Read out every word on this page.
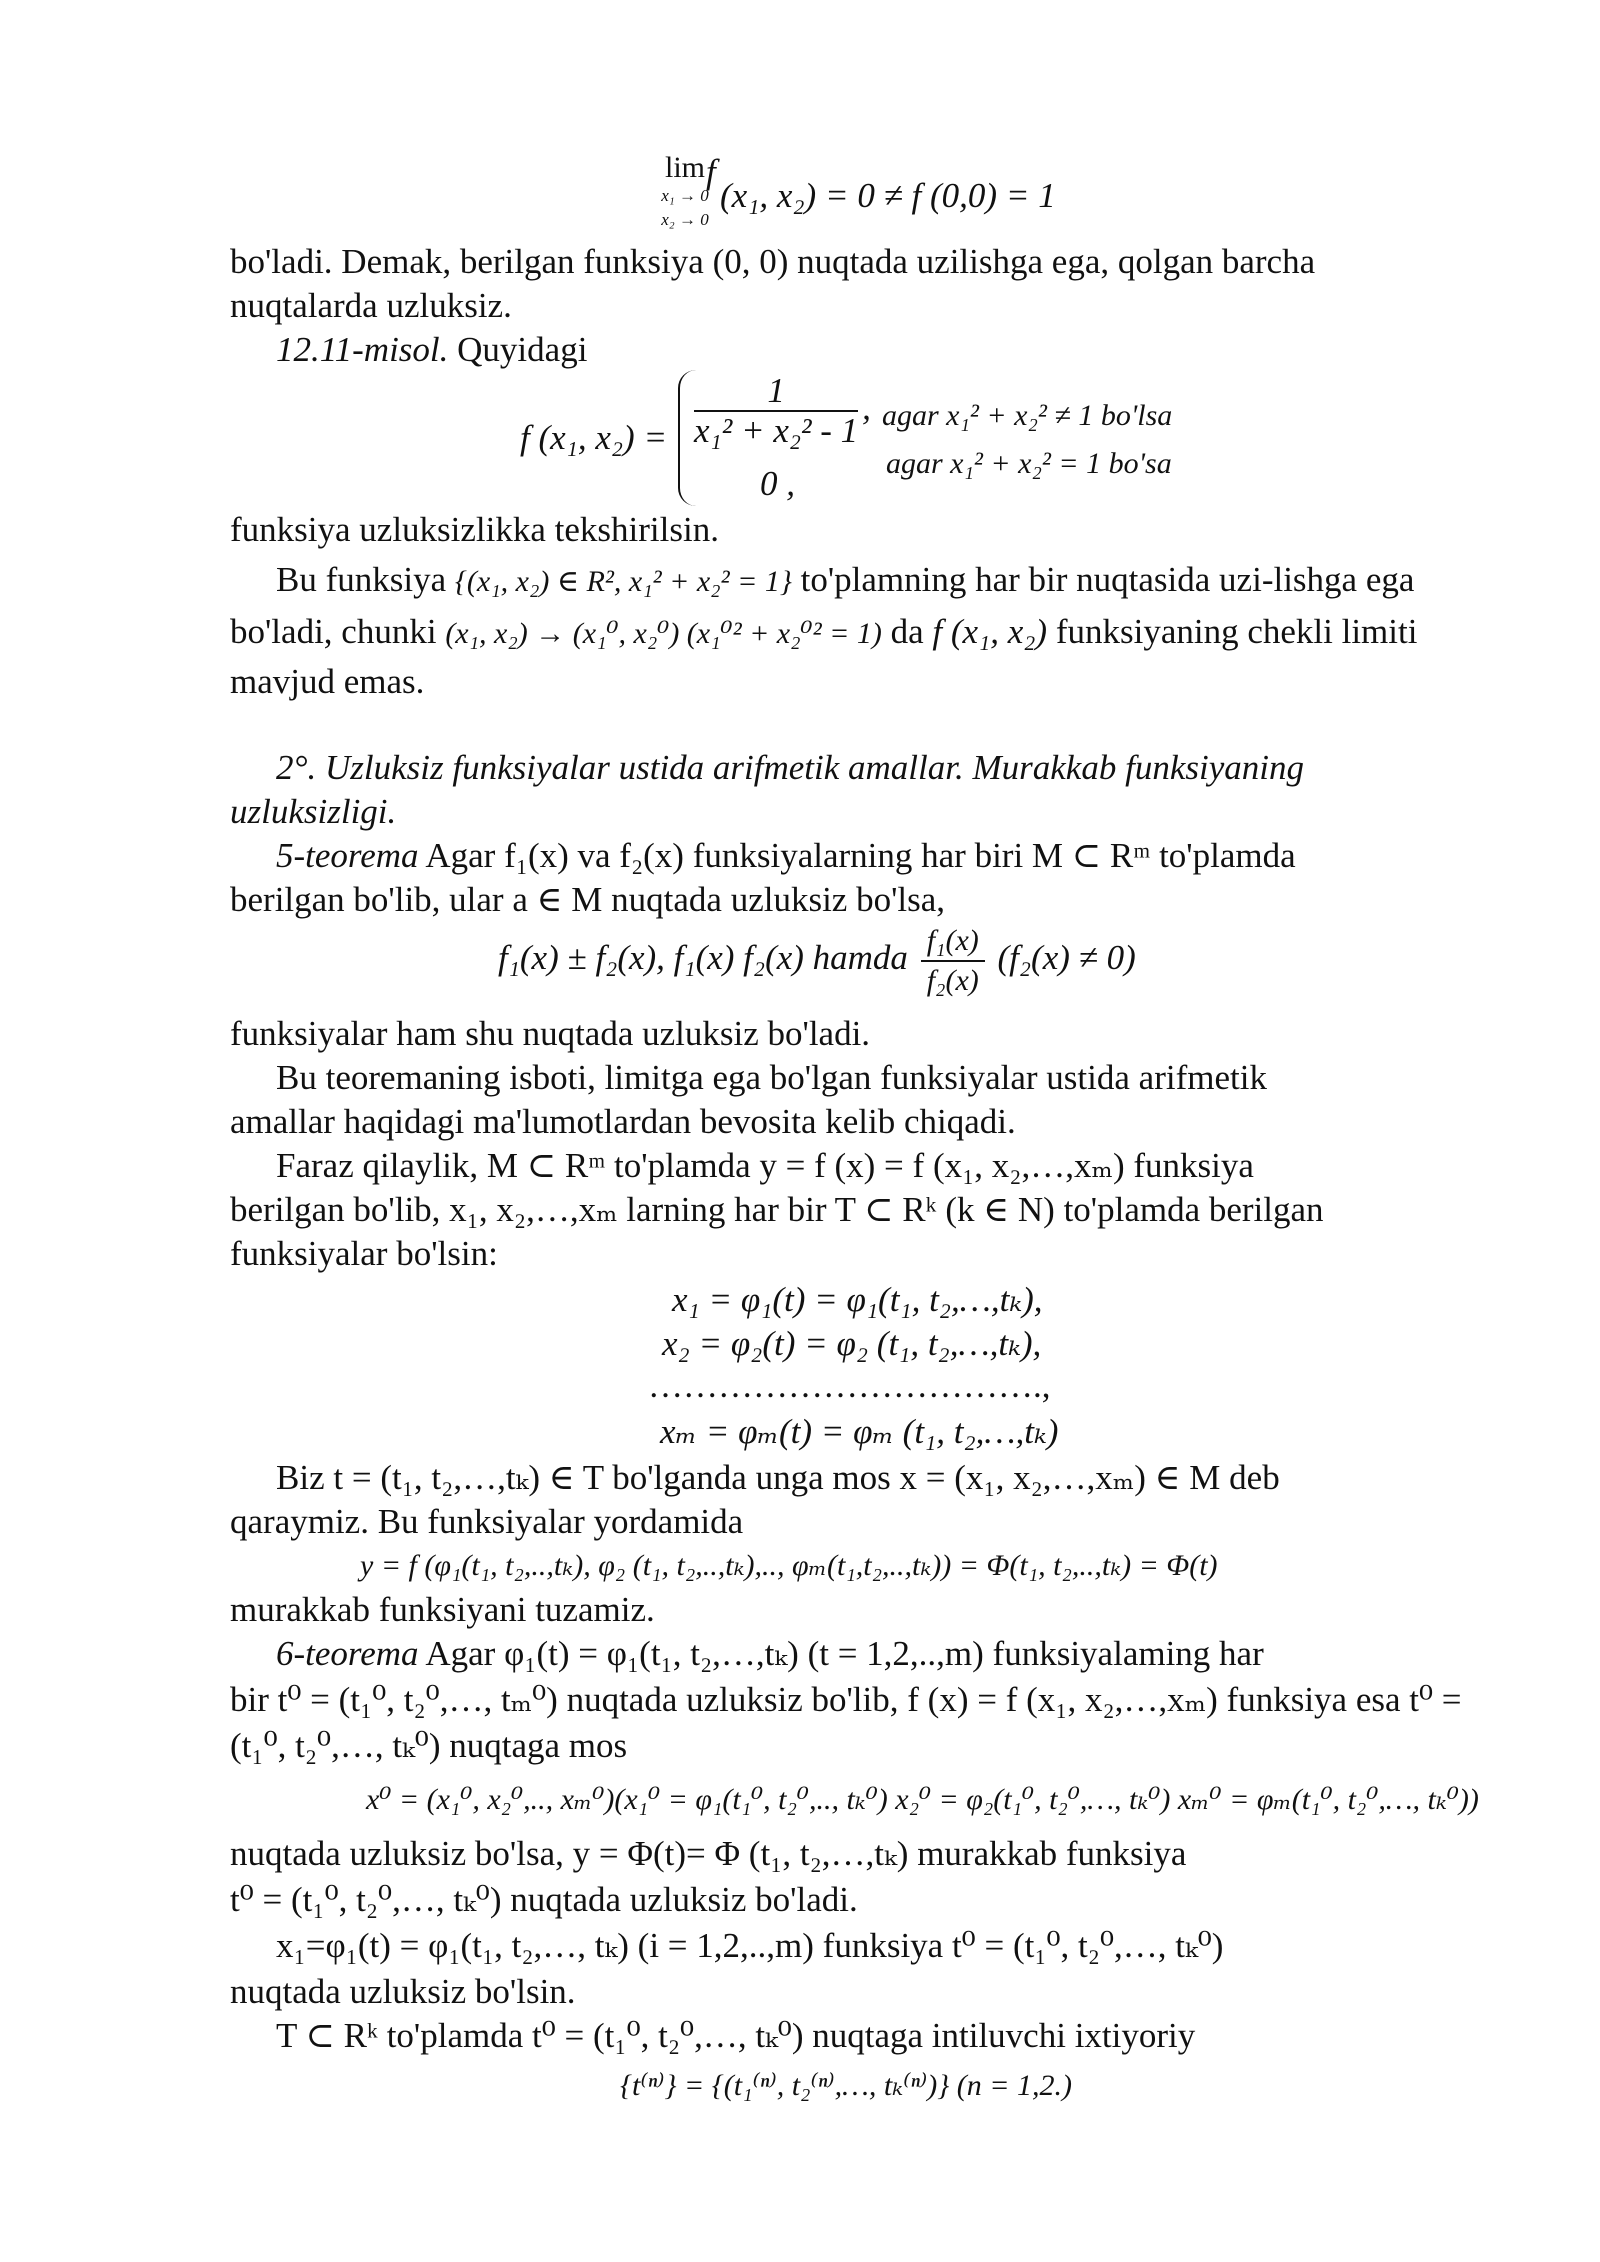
lim
x₁ → 0
x₂ → 0
f
(x₁, x₂) = 0 ≠ f (0,0) = 1
bo'ladi. Demak, berilgan funksiya (0, 0) nuqtada uzilishga ega, qolgan barcha
nuqtalarda uzluksiz.
12.11-misol. Quyidagi
f (x₁, $x_2) = \frac{1}{\text{x₁² + x₂² - 1}}$ ,
0 ,
agar x₁² + x₂² ≠ 1 bo'lsa
agar x₁² + x₂² = 1 bo'sa
funksiya uzluksizlikka tekshirilsin.
Bu funksiya {(x₁, x₂) ∈ R², x₁² + x₂² = 1} to'plamning har bir nuqtasida uzi-lishga ega
bo'ladi, chunki (x₁, x₂) → (x₁⁰, x₂⁰) (x₁⁰² + x₂⁰² = 1) da f (x₁, x₂) funksiyaning chekli limiti
mavjud emas.
2°. Uzluksiz funksiyalar ustida arifmetik amallar. Murakkab funksiyaning
uzluksizligi.
5-teorema Agar f₁(x) va f₂(x) funksiyalarning har biri M ⊂ Rᵐ to'plamda
berilgan bo'lib, ular a ∈ M nuqtada uzluksiz bo'lsa,
f₁(x) ± f₂(x), f₁(x) f₂(x) hamda $\frac{\text{f₁(x)}}{\text{f₂(x)}} (f_2(x) \ne 0)$
funksiyalar ham shu nuqtada uzluksiz bo'ladi.
Bu teoremaning isboti, limitga ega bo'lgan funksiyalar ustida arifmetik
amallar haqidagi ma'lumotlardan bevosita kelib chiqadi.
Faraz qilaylik, M ⊂ Rᵐ to'plamda y = f (x) = f (x₁, x₂,…,xₘ) funksiya
berilgan bo'lib, x₁, x₂,…,xₘ larning har bir T ⊂ Rᵏ (k ∈ N) to'plamda berilgan
funksiyalar bo'lsin:
x₁ = φ₁(t) = φ₁(t₁, t₂,…,tₖ),
x₂ = φ₂(t) = φ₂ (t₁, t₂,…,tₖ),
…………………………….,
xₘ = φₘ(t) = φₘ (t₁, t₂,…,tₖ)
Biz t = (t₁, t₂,…,tₖ) ∈ T bo'lganda unga mos x = (x₁, x₂,…,xₘ) ∈ M deb
qaraymiz. Bu funksiyalar yordamida
y = f (φ₁(t₁, t₂,..,tₖ), φ₂ (t₁, t₂,..,tₖ),.., φₘ(t₁,t₂,..,tₖ)) = Φ(t₁, t₂,..,tₖ) = Φ(t)
murakkab funksiyani tuzamiz.
6-teorema Agar φ₁(t) = φ₁(t₁, t₂,…,tₖ) (t = 1,2,..,m) funksiyalaming har
bir t⁰ = (t₁⁰, t₂⁰,…, tₘ⁰) nuqtada uzluksiz bo'lib, f (x) = f (x₁, x₂,…,xₘ) funksiya esa t⁰ =
(t₁⁰, t₂⁰,…, tₖ⁰) nuqtaga mos
x⁰ = (x₁⁰, x₂⁰,.., xₘ⁰)(x₁⁰ = φ₁(t₁⁰, t₂⁰,.., tₖ⁰) x₂⁰ = φ₂(t₁⁰, t₂⁰,…, tₖ⁰) xₘ⁰ = φₘ(t₁⁰, t₂⁰,…, tₖ⁰))
nuqtada uzluksiz bo'lsa, y = Φ(t)= Φ (t₁, t₂,…,tₖ) murakkab funksiya
t⁰ = (t₁⁰, t₂⁰,…, tₖ⁰) nuqtada uzluksiz bo'ladi.
x₁=φ₁(t) = φ₁(t₁, t₂,…, tₖ) (i = 1,2,..,m) funksiya t⁰ = (t₁⁰, t₂⁰,…, tₖ⁰)
nuqtada uzluksiz bo'lsin.
T ⊂ Rᵏ to'plamda t⁰ = (t₁⁰, t₂⁰,…, tₖ⁰) nuqtaga intiluvchi ixtiyoriy
{t⁽ⁿ⁾} = {(t₁⁽ⁿ⁾, t₂⁽ⁿ⁾,…, tₖ⁽ⁿ⁾)} (n = 1,2.)
